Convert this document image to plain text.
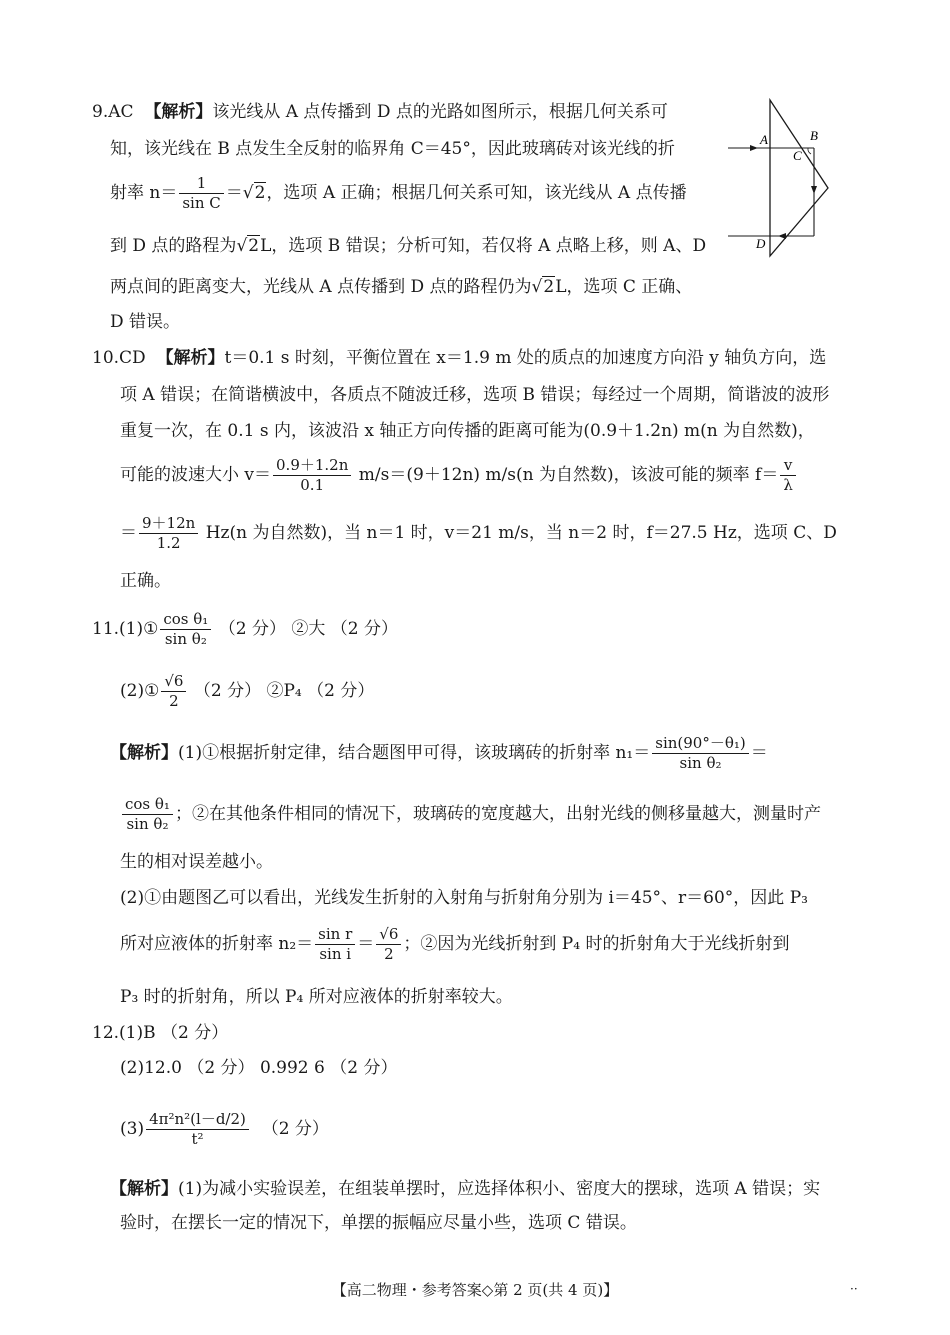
9.AC 【解析】该光线从 A 点传播到 D 点的光路如图所示，根据几何关系可
知，该光线在 B 点发生全反射的临界角 C＝45°，因此玻璃砖对该光线的折
射率 $n= \frac{1}{\text{sin C}} =√2$，选项 A 正确；根据几何关系可知，该光线从 A 点传播
到 D 点的路程为√2L，选项 B 错误；分析可知，若仅将 A 点略上移，则 A、D
两点间的距离变大，光线从 A 点传播到 D 点的路程仍为√2L，选项 C 正确、
D 错误。
A	B
C
D
10.CD 【解析】t＝0.1 s 时刻，平衡位置在 x＝1.9 m 处的质点的加速度方向沿 y 轴负方向，选
项 A 错误；在简谐横波中，各质点不随波迁移，选项 B 错误；每经过一个周期，简谐波的波形
重复一次，在 0.1 s 内，该波沿 x 轴正方向传播的距离可能为(0.9＋1.2n) m(n 为自然数)，
可能的波速大小 $v= \frac{0.9+1.2n}{0.1} m/s=(9+12n)$ m/s(n 为自然数)，该波可能的频率 $f= \frac{v}{\lambda}$
＝ $\frac{9+12n}{1.2} Hz(n$ 为自然数)，当 n＝1 时，v＝21 m/s，当 n＝2 时，f＝27.5 Hz，选项 C、D
正确。
11.(1)① $\frac{\text{cos θ₁}}{\text{sin θ₂}} (2$ 分） ②大 （2 分）
(2)① $\frac{√6}{2} (2$ 分） ②P₄ （2 分）
【解析】(1)①根据折射定律，结合题图甲可得，该玻璃砖的折射率 $n_1= \frac{\text{sin(90°－θ₁)}}{\text{sin θ₂}}$ ＝
$\frac{\text{cos θ₁}}{\text{sin θ₂}}$ ；②在其他条件相同的情况下，玻璃砖的宽度越大，出射光线的侧移量越大，测量时产
生的相对误差越小。
(2)①由题图乙可以看出，光线发生折射的入射角与折射角分别为 i＝45°、r＝60°，因此 P₃
所对应液体的折射率 $n_2= \frac{\text{sin r}}{\text{sin i}} = \frac{√6}{2}$ ；②因为光线折射到 P₄ 时的折射角大于光线折射到
P₃ 时的折射角，所以 P₄ 所对应液体的折射率较大。
12.(1)B （2 分）
(2)12.0 （2 分） 0.992 6 （2 分）
$(3) \frac{\text{4π²n²(l－d/2)}}{\text{t²}} (2$ 分）
【解析】(1)为减小实验误差，在组装单摆时，应选择体积小、密度大的摆球，选项 A 错误；实
验时，在摆长一定的情况下，单摆的振幅应尽量小些，选项 C 错误。
【高二物理・参考答案◇第 2 页(共 4 页)】	··
